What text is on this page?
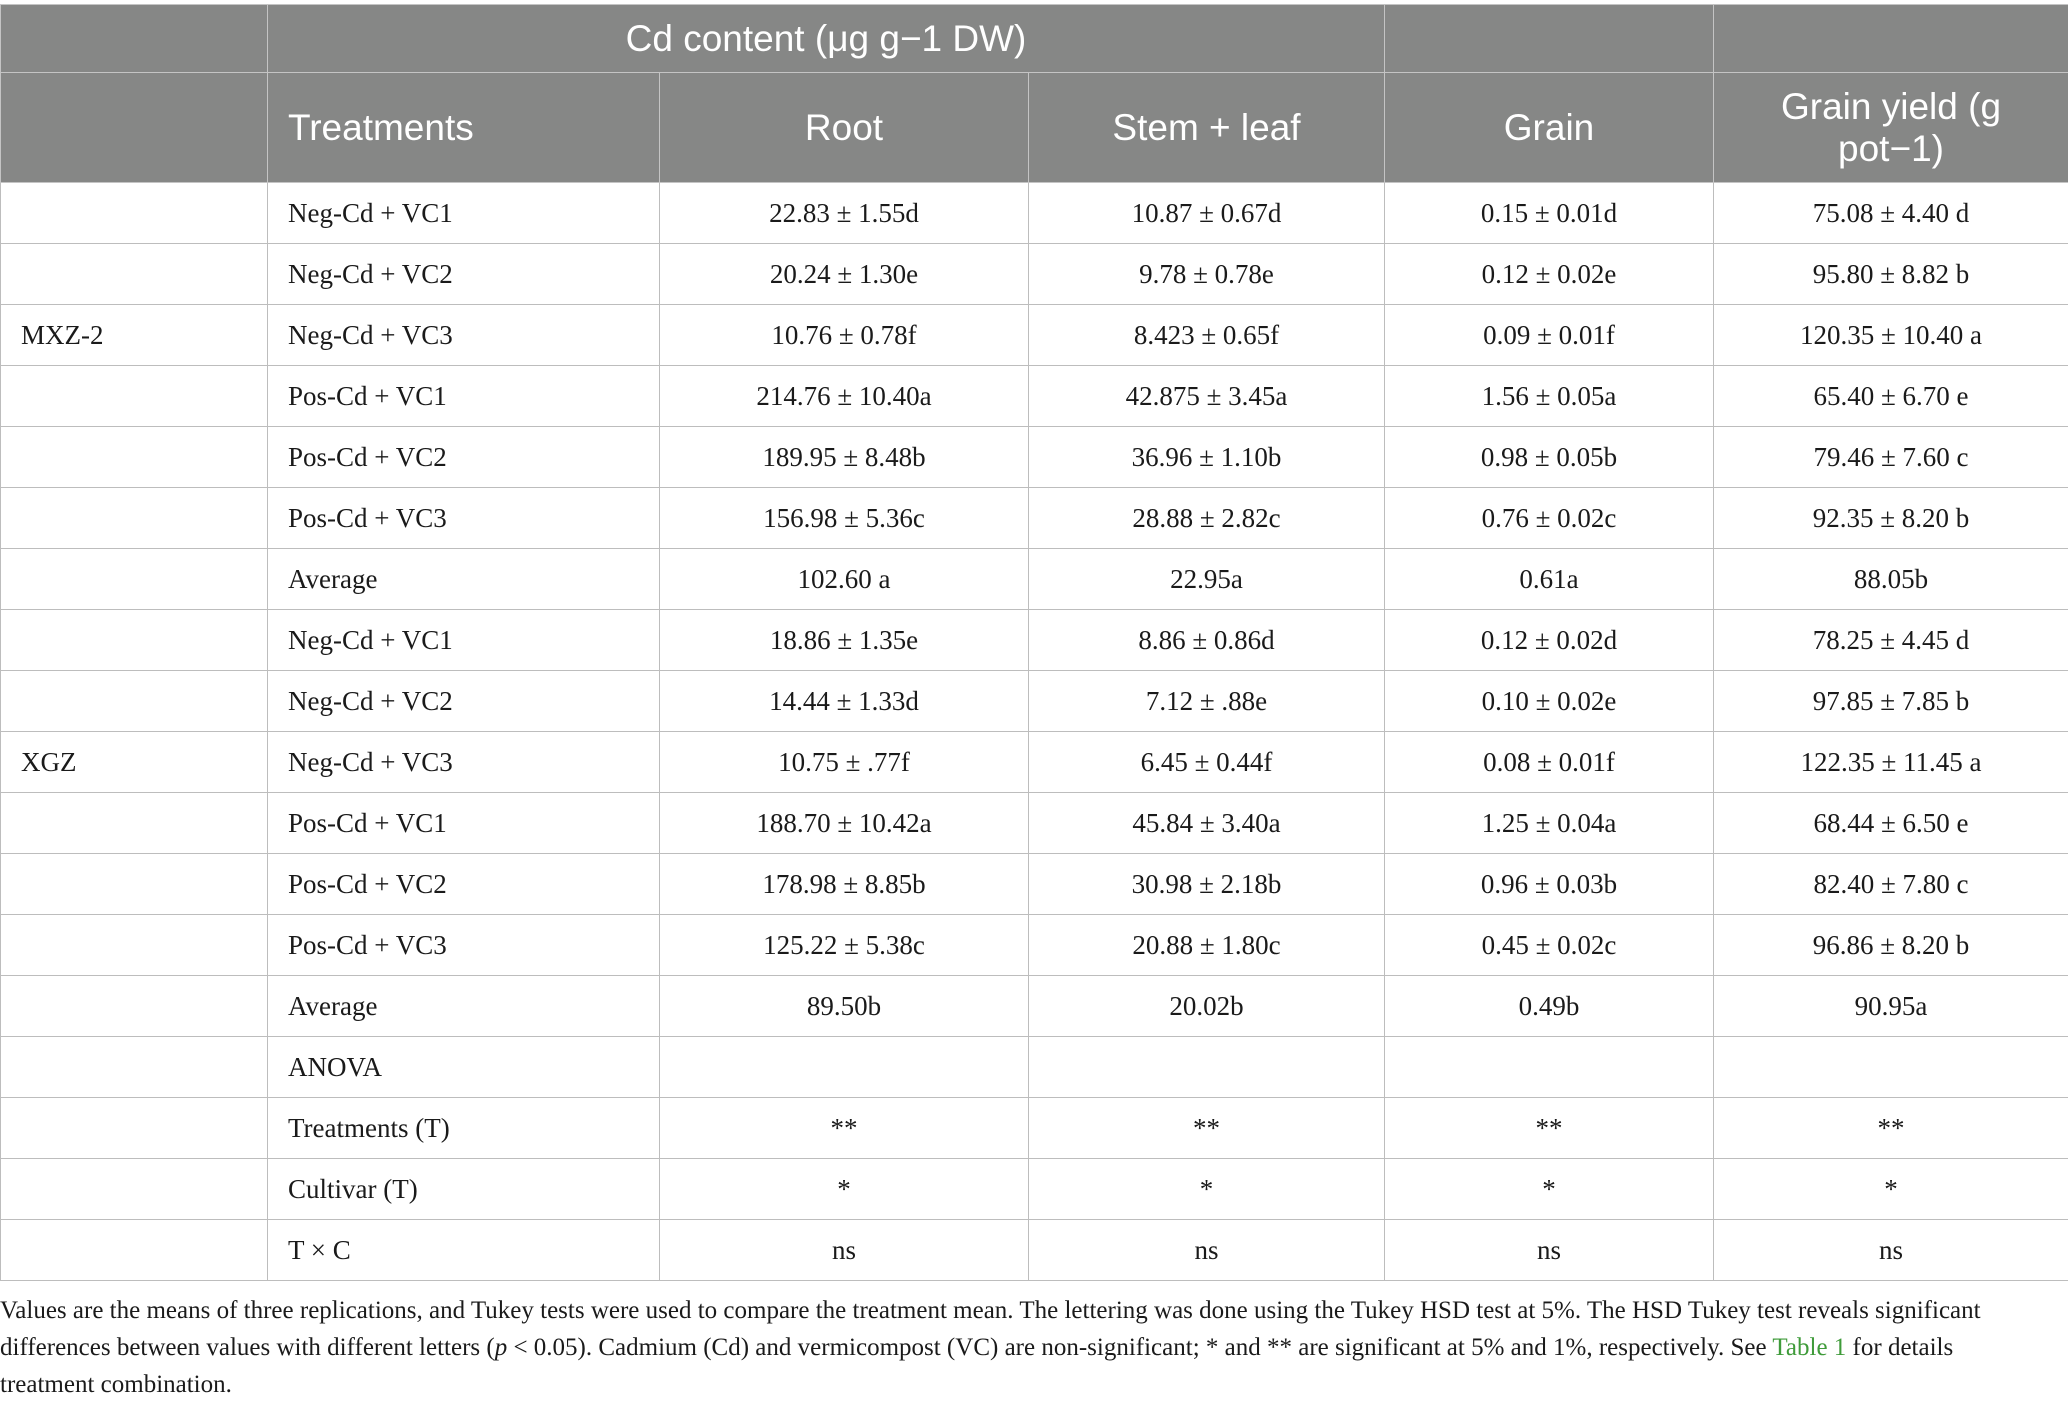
	Cd content (μg g−1 DW)				
	Treatments	Root	Stem + leaf	Grain	Grain yield (g pot−1)
	Neg-Cd + VC1	22.83 ± 1.55d	10.87 ± 0.67d	0.15 ± 0.01d	75.08 ± 4.40 d
	Neg-Cd + VC2	20.24 ± 1.30e	9.78 ± 0.78e	0.12 ± 0.02e	95.80 ± 8.82 b
MXZ-2	Neg-Cd + VC3	10.76 ± 0.78f	8.423 ± 0.65f	0.09 ± 0.01f	120.35 ± 10.40 a
	Pos-Cd + VC1	214.76 ± 10.40a	42.875 ± 3.45a	1.56 ± 0.05a	65.40 ± 6.70 e
	Pos-Cd + VC2	189.95 ± 8.48b	36.96 ± 1.10b	0.98 ± 0.05b	79.46 ± 7.60 c
	Pos-Cd + VC3	156.98 ± 5.36c	28.88 ± 2.82c	0.76 ± 0.02c	92.35 ± 8.20 b
	Average	102.60 a	22.95a	0.61a	88.05b
	Neg-Cd + VC1	18.86 ± 1.35e	8.86 ± 0.86d	0.12 ± 0.02d	78.25 ± 4.45 d
	Neg-Cd + VC2	14.44 ± 1.33d	7.12 ± .88e	0.10 ± 0.02e	97.85 ± 7.85 b
XGZ	Neg-Cd + VC3	10.75 ± .77f	6.45 ± 0.44f	0.08 ± 0.01f	122.35 ± 11.45 a
	Pos-Cd + VC1	188.70 ± 10.42a	45.84 ± 3.40a	1.25 ± 0.04a	68.44 ± 6.50 e
	Pos-Cd + VC2	178.98 ± 8.85b	30.98 ± 2.18b	0.96 ± 0.03b	82.40 ± 7.80 c
	Pos-Cd + VC3	125.22 ± 5.38c	20.88 ± 1.80c	0.45 ± 0.02c	96.86 ± 8.20 b
	Average	89.50b	20.02b	0.49b	90.95a
	ANOVA				
	Treatments (T)	**	**	**	**
	Cultivar (T)	*	*	*	*
	T × C	ns	ns	ns	ns
Values are the means of three replications, and Tukey tests were used to compare the treatment mean. The lettering was done using the Tukey HSD test at 5%. The HSD Tukey test reveals significant differences between values with different letters (p < 0.05). Cadmium (Cd) and vermicompost (VC) are non-significant; * and ** are significant at 5% and 1%, respectively. See Table 1 for details treatment combination.
